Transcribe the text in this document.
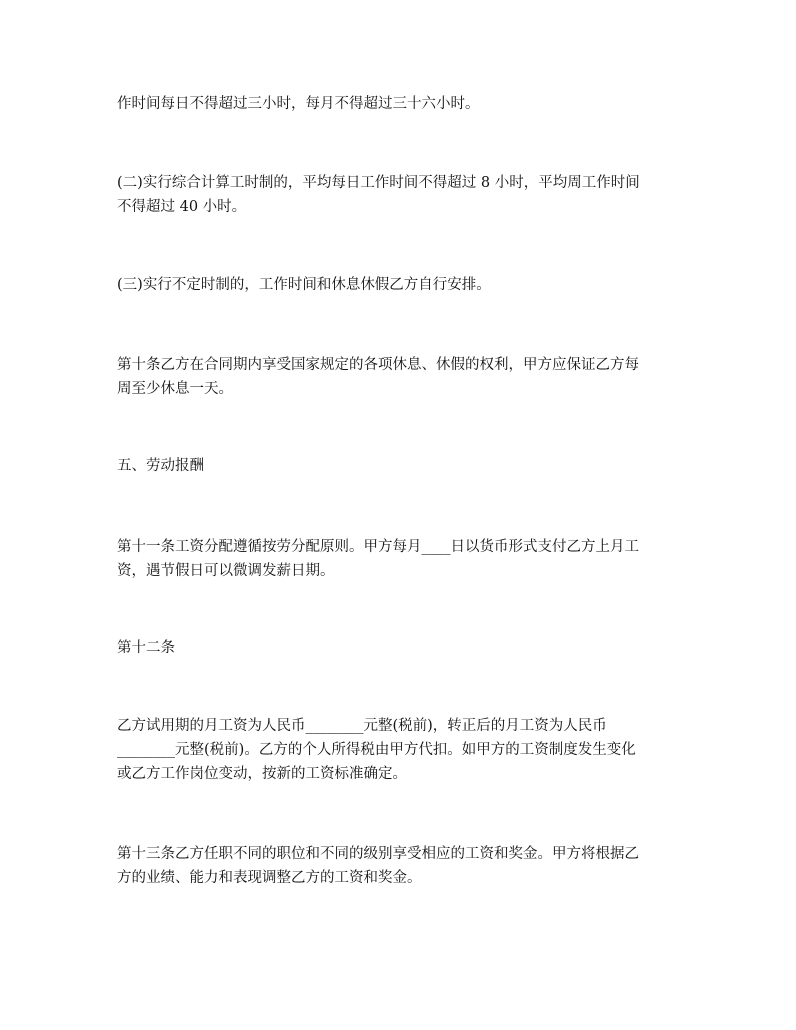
作时间每日不得超过三小时，每月不得超过三十六小时。

(二)实行综合计算工时制的，平均每日工作时间不得超过 8 小时，平均周工作时间
不得超过 40 小时。

(三)实行不定时制的，工作时间和休息休假乙方自行安排。

第十条乙方在合同期内享受国家规定的各项休息、休假的权利，甲方应保证乙方每
周至少休息一天。

五、劳动报酬

第十一条工资分配遵循按劳分配原则。甲方每月____日以货币形式支付乙方上月工
资，遇节假日可以微调发薪日期。

第十二条

乙方试用期的月工资为人民币________元整(税前)，转正后的月工资为人民币
________元整(税前)。乙方的个人所得税由甲方代扣。如甲方的工资制度发生变化
或乙方工作岗位变动，按新的工资标准确定。

第十三条乙方任职不同的职位和不同的级别享受相应的工资和奖金。甲方将根据乙
方的业绩、能力和表现调整乙方的工资和奖金。
